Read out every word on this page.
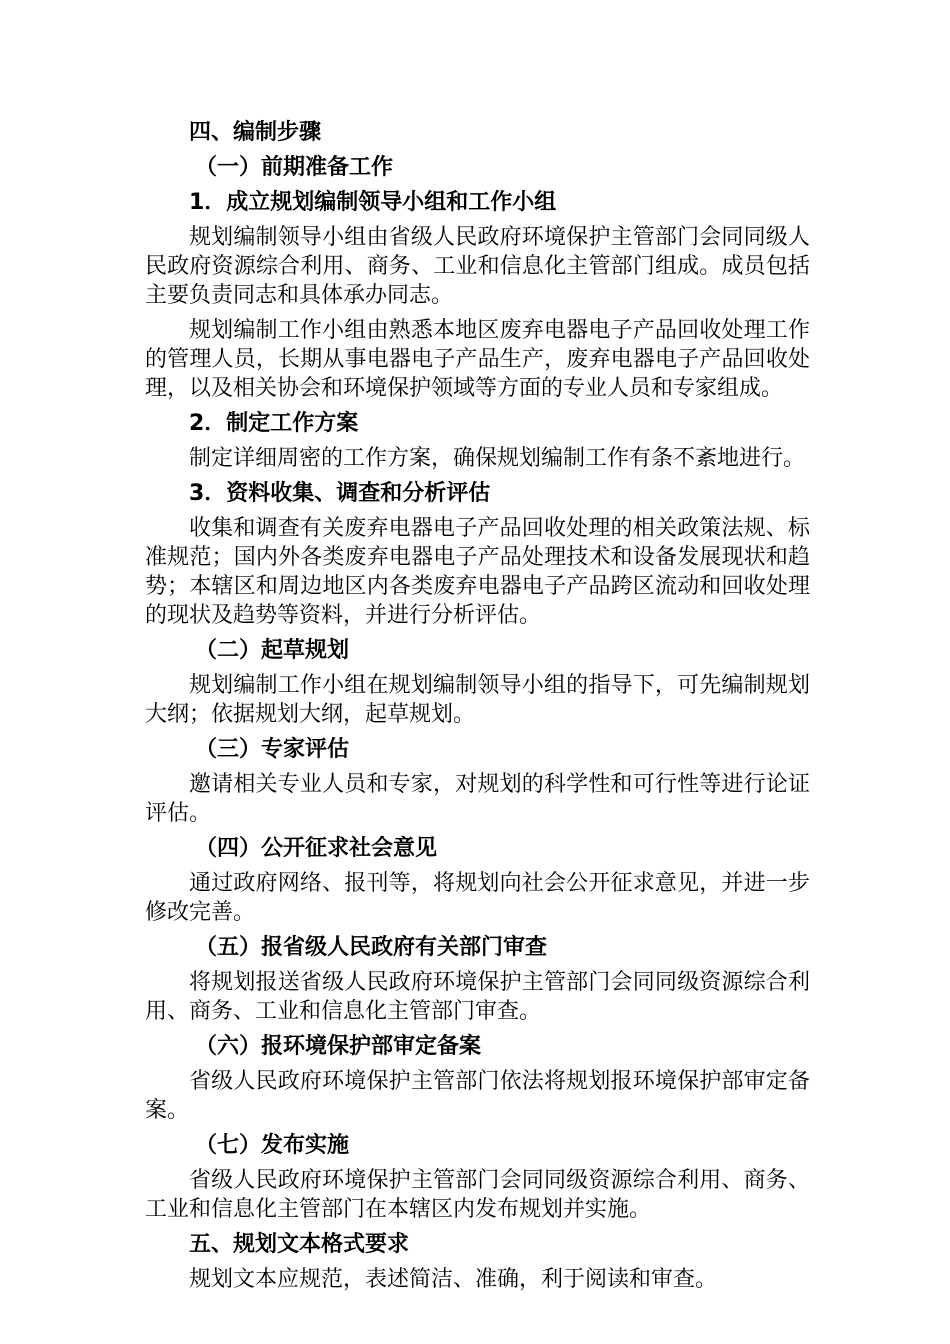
四、编制步骤

（一）前期准备工作

1．成立规划编制领导小组和工作小组

规划编制领导小组由省级人民政府环境保护主管部门会同同级人民政府资源综合利用、商务、工业和信息化主管部门组成。成员包括主要负责同志和具体承办同志。

规划编制工作小组由熟悉本地区废弃电器电子产品回收处理工作的管理人员，长期从事电器电子产品生产，废弃电器电子产品回收处理，以及相关协会和环境保护领域等方面的专业人员和专家组成。

2．制定工作方案

制定详细周密的工作方案，确保规划编制工作有条不紊地进行。

3．资料收集、调查和分析评估

收集和调查有关废弃电器电子产品回收处理的相关政策法规、标准规范；国内外各类废弃电器电子产品处理技术和设备发展现状和趋势；本辖区和周边地区内各类废弃电器电子产品跨区流动和回收处理的现状及趋势等资料，并进行分析评估。

（二）起草规划

规划编制工作小组在规划编制领导小组的指导下，可先编制规划大纲；依据规划大纲，起草规划。

（三）专家评估

邀请相关专业人员和专家，对规划的科学性和可行性等进行论证评估。

（四）公开征求社会意见

通过政府网络、报刊等，将规划向社会公开征求意见，并进一步修改完善。

（五）报省级人民政府有关部门审查

将规划报送省级人民政府环境保护主管部门会同同级资源综合利用、商务、工业和信息化主管部门审查。

（六）报环境保护部审定备案

省级人民政府环境保护主管部门依法将规划报环境保护部审定备案。

（七）发布实施

省级人民政府环境保护主管部门会同同级资源综合利用、商务、工业和信息化主管部门在本辖区内发布规划并实施。

五、规划文本格式要求

规划文本应规范，表述简洁、准确，利于阅读和审查。
